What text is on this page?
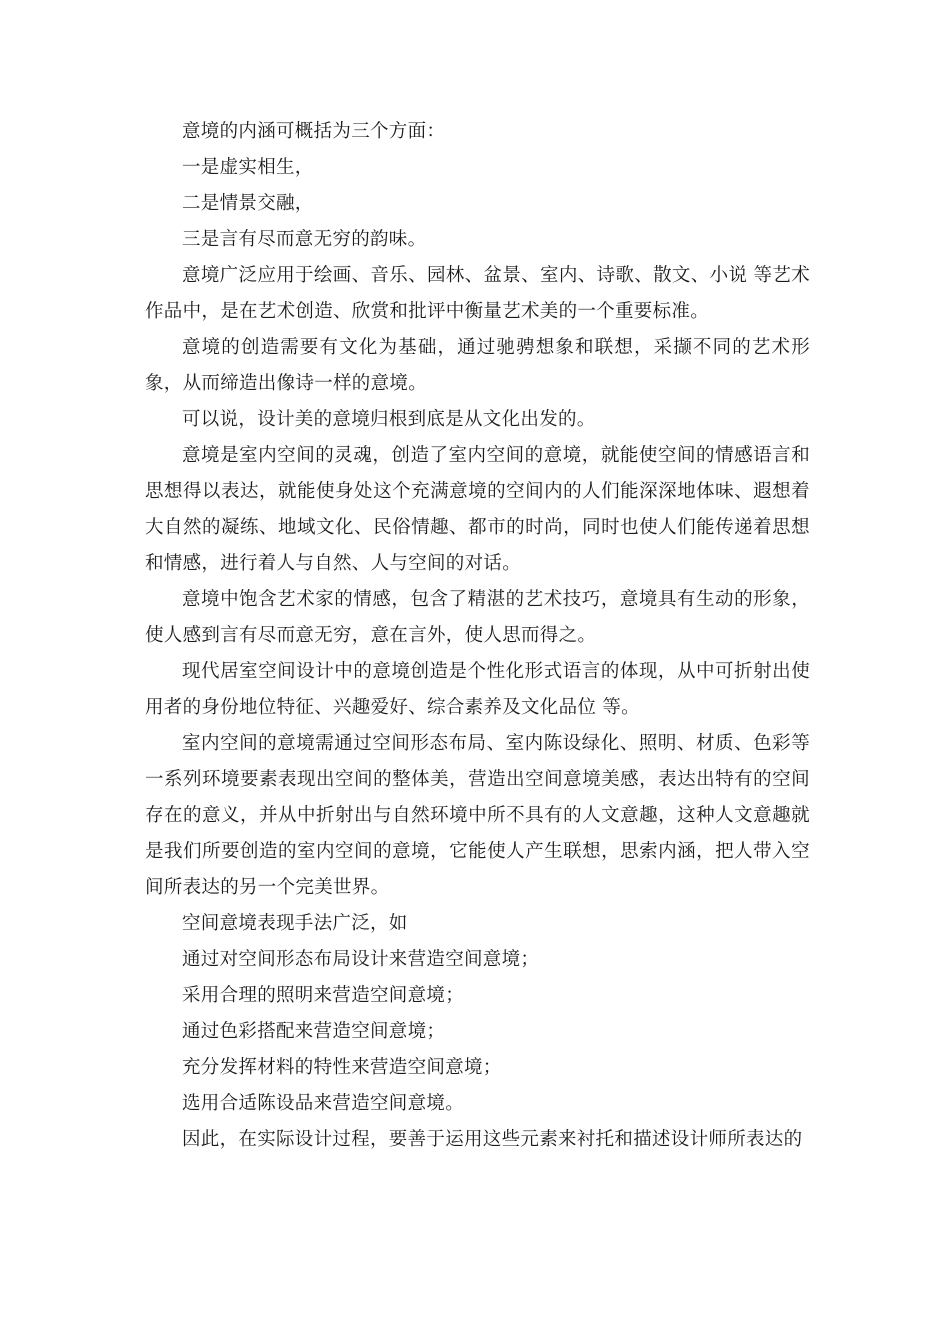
意境的内涵可概括为三个方面：

一是虚实相生，

二是情景交融，

三是言有尽而意无穷的韵味。

意境广泛应用于绘画、音乐、园林、盆景、室内、诗歌、散文、小说 等艺术作品中，是在艺术创造、欣赏和批评中衡量艺术美的一个重要标准。

意境的创造需要有文化为基础，通过驰骋想象和联想，采撷不同的艺术形象，从而缔造出像诗一样的意境。

可以说，设计美的意境归根到底是从文化出发的。

意境是室内空间的灵魂，创造了室内空间的意境，就能使空间的情感语言和思想得以表达，就能使身处这个充满意境的空间内的人们能深深地体味、遐想着大自然的凝练、地域文化、民俗情趣、都市的时尚，同时也使人们能传递着思想和情感，进行着人与自然、人与空间的对话。

意境中饱含艺术家的情感，包含了精湛的艺术技巧，意境具有生动的形象，使人感到言有尽而意无穷，意在言外，使人思而得之。

现代居室空间设计中的意境创造是个性化形式语言的体现，从中可折射出使用者的身份地位特征、兴趣爱好、综合素养及文化品位 等。

室内空间的意境需通过空间形态布局、室内陈设绿化、照明、材质、色彩等一系列环境要素表现出空间的整体美，营造出空间意境美感，表达出特有的空间存在的意义，并从中折射出与自然环境中所不具有的人文意趣，这种人文意趣就是我们所要创造的室内空间的意境，它能使人产生联想，思索内涵，把人带入空间所表达的另一个完美世界。

空间意境表现手法广泛，如

通过对空间形态布局设计来营造空间意境；

采用合理的照明来营造空间意境；

通过色彩搭配来营造空间意境；

充分发挥材料的特性来营造空间意境；

选用合适陈设品来营造空间意境。

因此，在实际设计过程，要善于运用这些元素来衬托和描述设计师所表达的
